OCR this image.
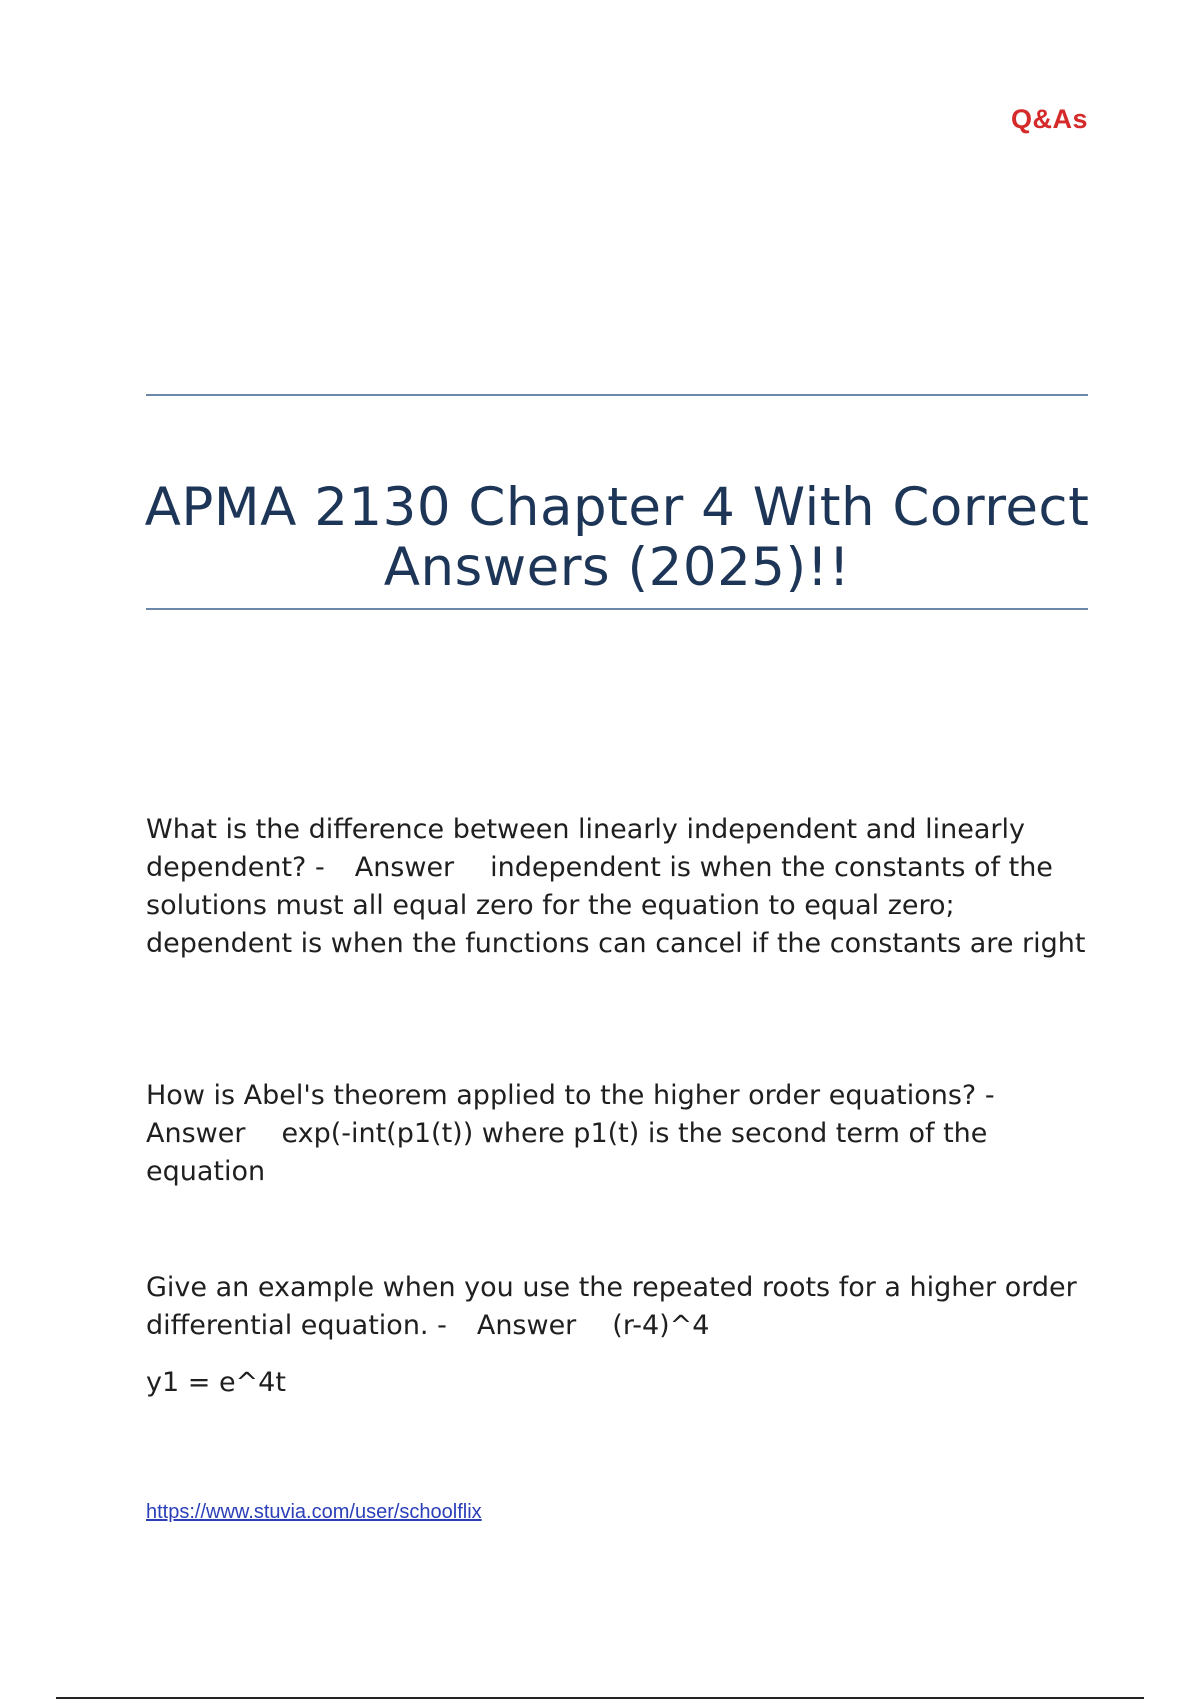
Q&As
APMA 2130 Chapter 4 With Correct Answers (2025)!!
What is the difference between linearly independent and linearly dependent? - Answer independent is when the constants of the solutions must all equal zero for the equation to equal zero; dependent is when the functions can cancel if the constants are right
How is Abel's theorem applied to the higher order equations? - Answer exp(-int(p1(t)) where p1(t) is the second term of the equation
Give an example when you use the repeated roots for a higher order differential equation. - Answer (r-4)^4
y1 = e^4t
https://www.stuvia.com/user/schoolflix
